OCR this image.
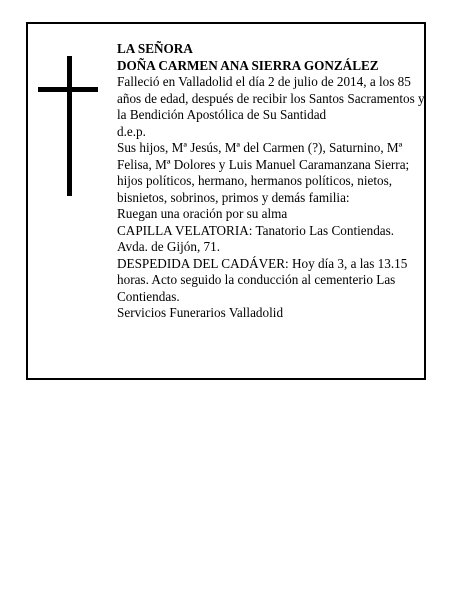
LA SEÑORA

DOÑA CARMEN ANA SIERRA GONZÁLEZ

Falleció en Valladolid el día 2 de julio de 2014, a los 85 años de edad, después de recibir los Santos Sacramentos y la Bendición Apostólica de Su Santidad

d.e.p.

Sus hijos, Mª Jesús, Mª del Carmen (?), Saturnino, Mª Felisa, Mª Dolores y Luis Manuel Caramanzana Sierra; hijos políticos, hermano, hermanos políticos, nietos, bisnietos, sobrinos, primos y demás familia:

Ruegan una oración por su alma

CAPILLA VELATORIA: Tanatorio Las Contiendas. Avda. de Gijón, 71.

DESPEDIDA DEL CADÁVER: Hoy día 3, a las 13.15 horas. Acto seguido la conducción al cementerio Las Contiendas.

Servicios Funerarios Valladolid
